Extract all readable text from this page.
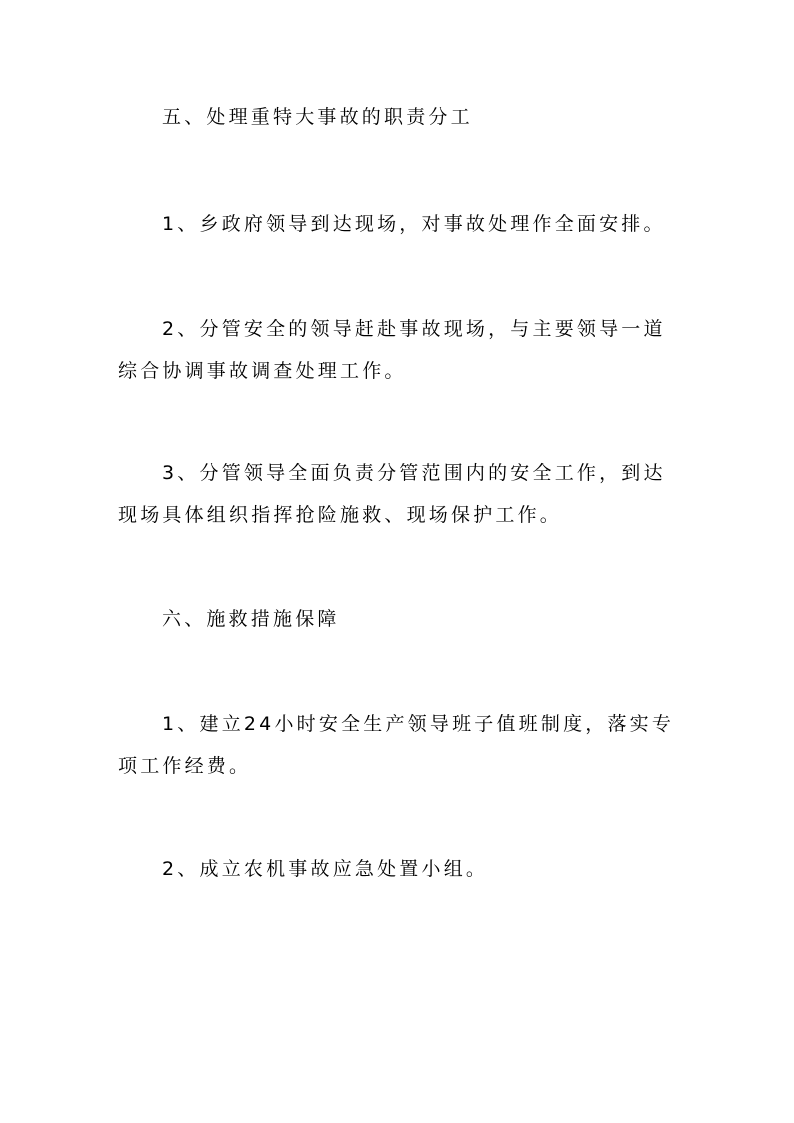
五、处理重特大事故的职责分工

1、乡政府领导到达现场，对事故处理作全面安排。

2、分管安全的领导赶赴事故现场，与主要领导一道综合协调事故调查处理工作。

3、分管领导全面负责分管范围内的安全工作，到达现场具体组织指挥抢险施救、现场保护工作。

六、施救措施保障

1、建立24小时安全生产领导班子值班制度，落实专项工作经费。

2、成立农机事故应急处置小组。
